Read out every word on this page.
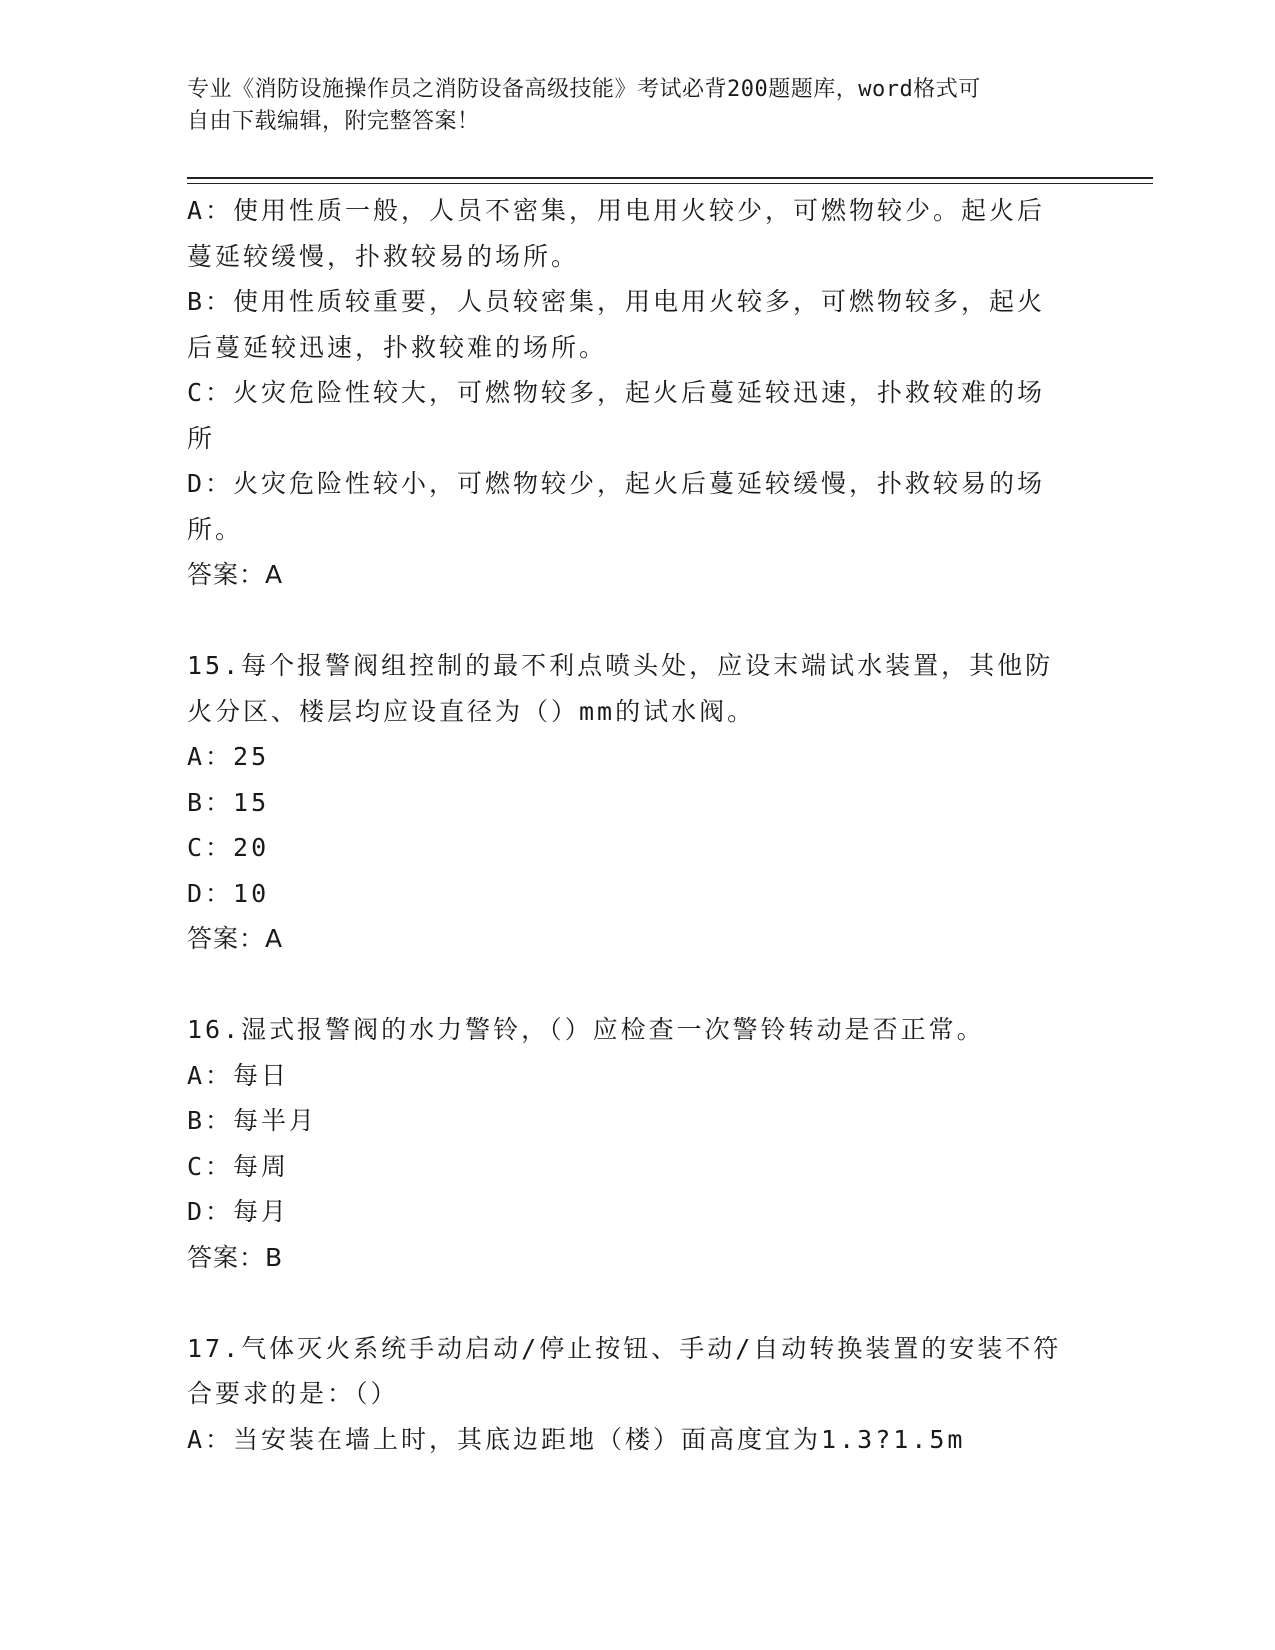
专业《消防设施操作员之消防设备高级技能》考试必背200题题库，word格式可
自由下载编辑，附完整答案！
A：使用性质一般，人员不密集，用电用火较少，可燃物较少。起火后
蔓延较缓慢，扑救较易的场所。
B：使用性质较重要，人员较密集，用电用火较多，可燃物较多，起火
后蔓延较迅速，扑救较难的场所。
C：火灾危险性较大，可燃物较多，起火后蔓延较迅速，扑救较难的场
所
D：火灾危险性较小，可燃物较少，起火后蔓延较缓慢，扑救较易的场
所。
答案：A
15.每个报警阀组控制的最不利点喷头处，应设末端试水装置，其他防
火分区、楼层均应设直径为（）mm的试水阀。
A：25
B：15
C：20
D：10
答案：A
16.湿式报警阀的水力警铃，（）应检查一次警铃转动是否正常。
A：每日
B：每半月
C：每周
D：每月
答案：B
17.气体灭火系统手动启动/停止按钮、手动/自动转换装置的安装不符
合要求的是：（）
A：当安装在墙上时，其底边距地（楼）面高度宜为1.3?1.5m
